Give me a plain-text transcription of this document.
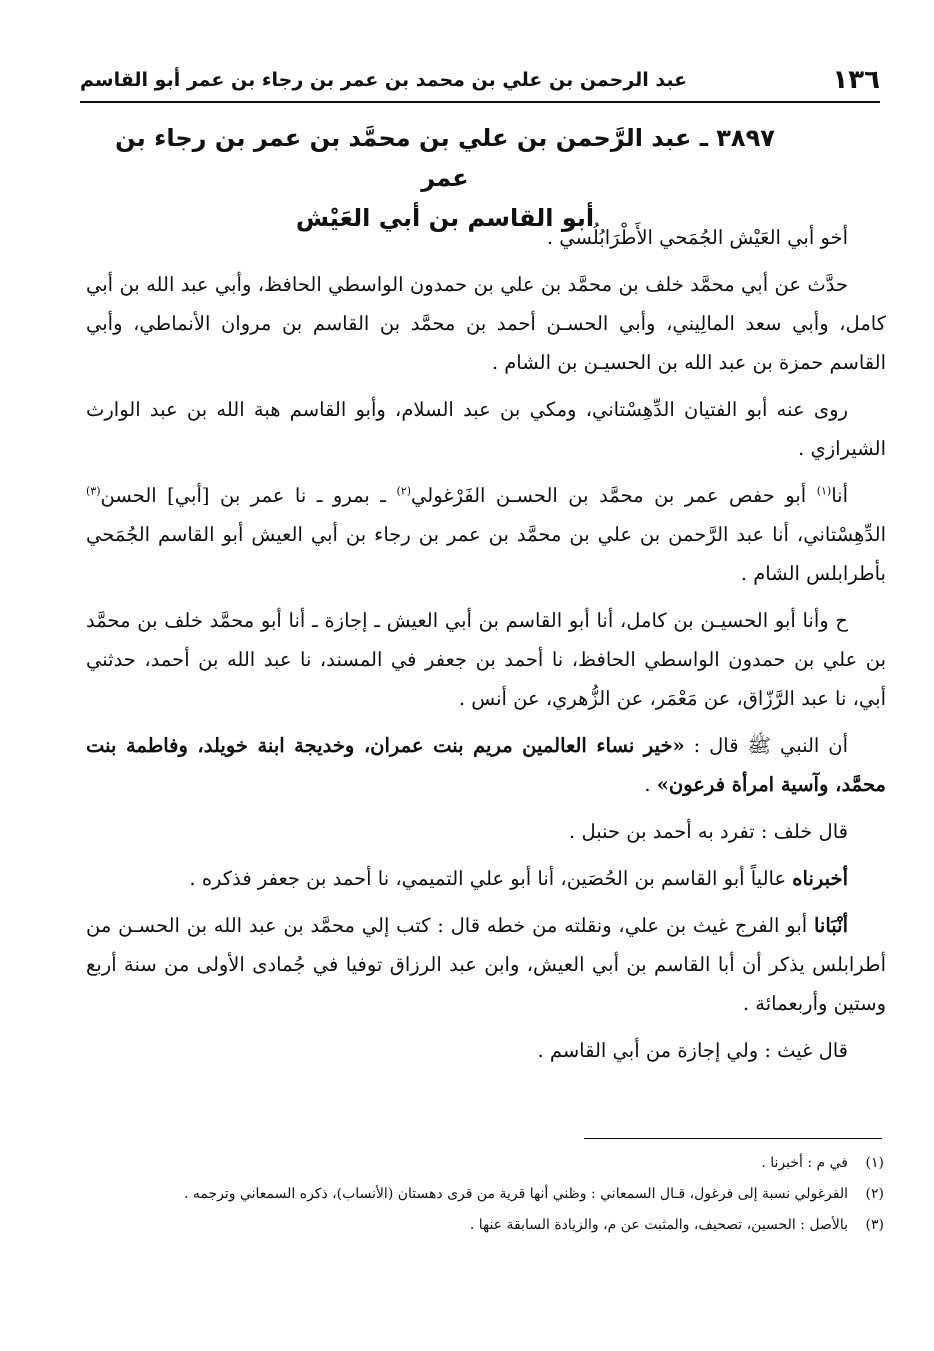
١٣٦
عبد الرحمن بن علي بن محمد بن عمر بن رجاء بن عمر أبو القاسم
٣٨٩٧ ـ عبد الرَّحمن بن علي بن محمَّد بن عمر بن رجاء بن عمر
أبو القاسم بن أبي العَيْش

أخو أبي العَيْش الجُمَحي الأَطْرَابُلُسي .

حدَّث عن أبي محمَّد خلف بن محمَّد بن علي بن حمدون الواسطي الحافظ، وأبي عبد الله بن أبي كامل، وأبي سعد المالِيني، وأبي الحسـن أحمد بن محمَّد بن القاسم بن مروان الأنماطي، وأبي القاسم حمزة بن عبد الله بن الحسيـن بن الشام .

روى عنه أبو الفتيان الدِّهِسْتاني، ومكي بن عبد السلام، وأبو القاسم هبة الله بن عبد الوارث الشيرازي .

أنا$^{(١)}$ أبو حفص عمر بن محمَّد بن الحسـن الفَرْغولي$^{(٢)}$ ـ بمرو ـ نا عمر بن [أبي] الحسن$^{(٣)}$ الدِّهِسْتاني، أنا عبد الرَّحمن بن علي بن محمَّد بن عمر بن رجاء بن أبي العيش أبو القاسم الجُمَحي بأطرابلس الشام .

ح وأنا أبو الحسيـن بن كامل، أنا أبو القاسم بن أبي العيش ـ إجازة ـ أنا أبو محمَّد خلف بن محمَّد بن علي بن حمدون الواسطي الحافظ، نا أحمد بن جعفر في المسند، نا عبد الله بن أحمد، حدثني أبي، نا عبد الرَّزّاق، عن مَعْمَر، عن الزُّهري، عن أنس .

أن النبي ﷺ قال : «خير نساء العالمين مريم بنت عمران، وخديجة ابنة خويلد، وفاطمة بنت محمَّد، وآسية امرأة فرعون» .

قال خلف : تفرد به أحمد بن حنبل .

أخبرناه عالياً أبو القاسم بن الحُصَين، أنا أبو علي التميمي، نا أحمد بن جعفر فذكره .

أنْبَانا أبو الفرج غيث بن علي، ونقلته من خطه قال : كتب إلي محمَّد بن عبد الله بن الحسـن من أطرابلس يذكر أن أبا القاسم بن أبي العيش، وابن عبد الرزاق توفيا في جُمادى الأولى من سنة أربع وستين وأربعمائة .

قال غيث : ولي إجازة من أبي القاسم .

(١)
في م : أخبرنا .
(٢)
الفرغولي نسبة إلى فرغول، قـال السمعاني : وظني أنها قرية من قرى دهستان (الأنساب)، ذكره السمعاني وترجمه .
(٣)
بالأصل : الحسين، تصحيف، والمثبت عن م، والزيادة السابقة عنها .
